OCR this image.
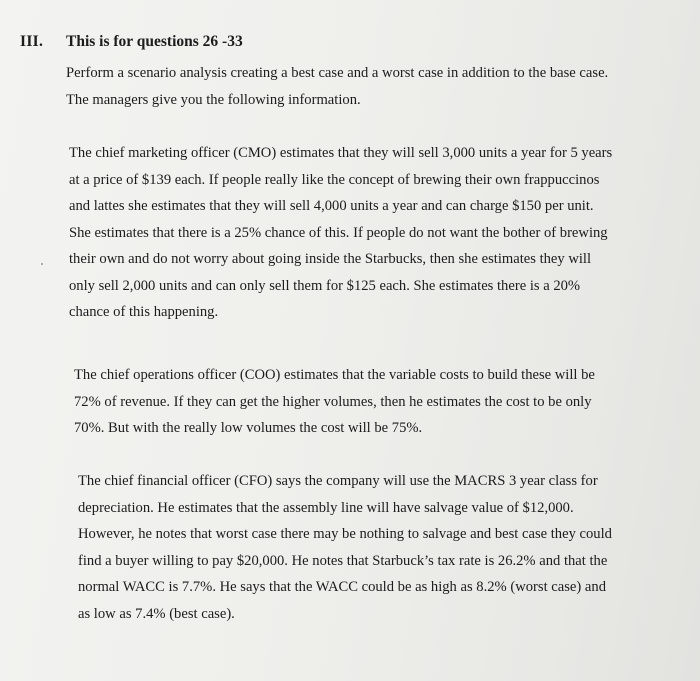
III. This is for questions 26 -33

Perform a scenario analysis creating a best case and a worst case in addition to the base case.
The managers give you the following information.

The chief marketing officer (CMO) estimates that they will sell 3,000 units a year for 5 years
at a price of $139 each. If people really like the concept of brewing their own frappuccinos
and lattes she estimates that they will sell 4,000 units a year and can charge $150 per unit.
She estimates that there is a 25% chance of this. If people do not want the bother of brewing
their own and do not worry about going inside the Starbucks, then she estimates they will
only sell 2,000 units and can only sell them for $125 each. She estimates there is a 20%
chance of this happening.

The chief operations officer (COO) estimates that the variable costs to build these will be
72% of revenue. If they can get the higher volumes, then he estimates the cost to be only
70%. But with the really low volumes the cost will be 75%.

The chief financial officer (CFO) says the company will use the MACRS 3 year class for
depreciation. He estimates that the assembly line will have salvage value of $12,000.
However, he notes that worst case there may be nothing to salvage and best case they could
find a buyer willing to pay $20,000. He notes that Starbuck’s tax rate is 26.2% and that the
normal WACC is 7.7%. He says that the WACC could be as high as 8.2% (worst case) and
as low as 7.4% (best case).
